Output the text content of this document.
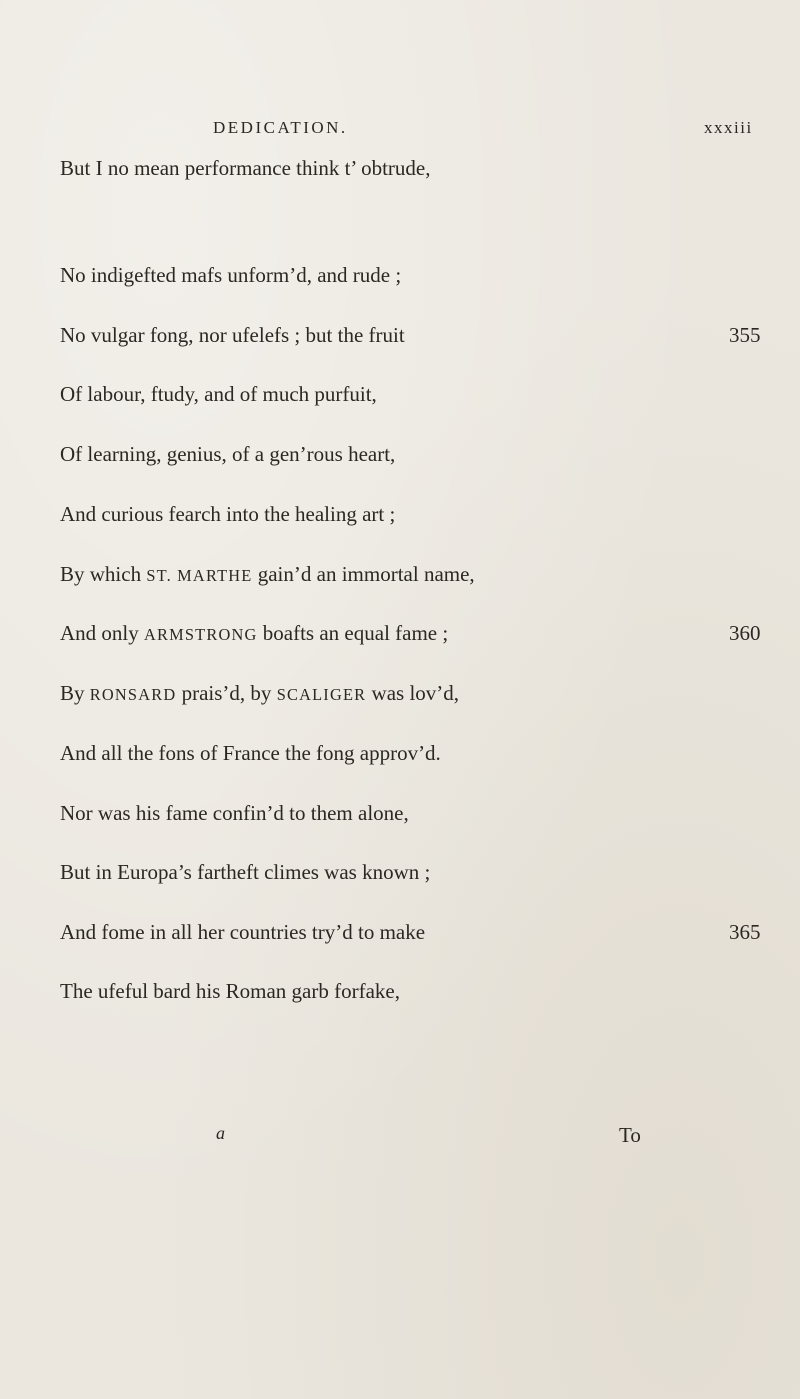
DEDICATION.	xxxiii
But I no mean performance think t’ obtrude,
No indigefted mafs unform’d, and rude ;
No vulgar fong, nor ufelefs ; but the fruit	355
Of labour, ftudy, and of much purfuit,
Of learning, genius, of a gen’rous heart,
And curious fearch into the healing art ;
By which ST. MARTHE gain’d an immortal name,
And only ARMSTRONG boafts an equal fame ;	360
By RONSARD prais’d, by SCALIGER was lov’d,
And all the fons of France the fong approv’d.
Nor was his fame confin’d to them alone,
But in Europa’s fartheft climes was known ;
And fome in all her countries try’d to make	365
The ufeful bard his Roman garb forfake,
a	To
